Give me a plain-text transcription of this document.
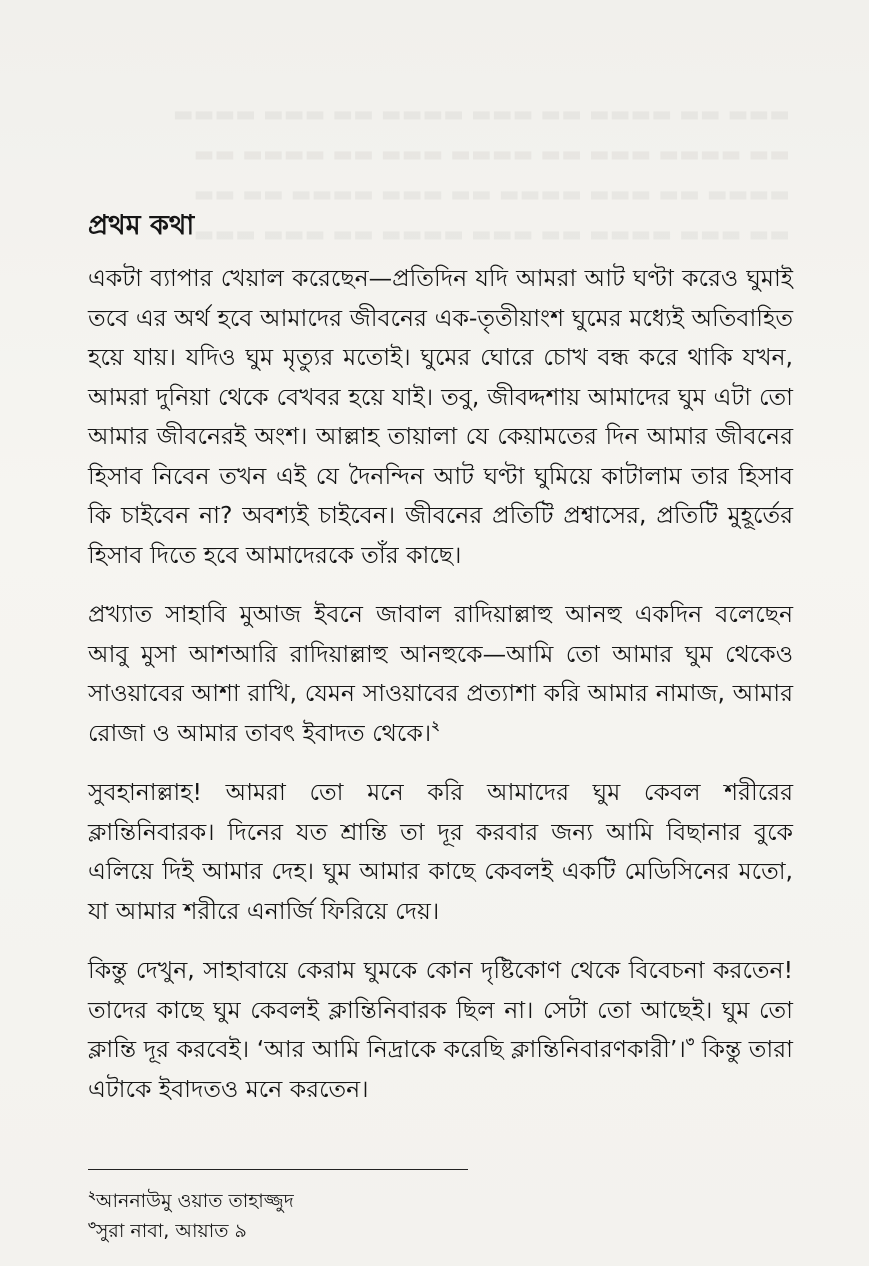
প্রথম কথা

একটা ব্যাপার খেয়াল করেছেন—প্রতিদিন যদি আমরা আট ঘণ্টা করেও ঘুমাই তবে এর অর্থ হবে আমাদের জীবনের এক-তৃতীয়াংশ ঘুমের মধ্যেই অতিবাহিত হয়ে যায়। যদিও ঘুম মৃত্যুর মতোই। ঘুমের ঘোরে চোখ বন্ধ করে থাকি যখন, আমরা দুনিয়া থেকে বেখবর হয়ে যাই। তবু, জীবদ্দশায় আমাদের ঘুম এটা তো আমার জীবনেরই অংশ। আল্লাহ তায়ালা যে কেয়ামতের দিন আমার জীবনের হিসাব নিবেন তখন এই যে দৈনন্দিন আট ঘণ্টা ঘুমিয়ে কাটালাম তার হিসাব কি চাইবেন না? অবশ্যই চাইবেন। জীবনের প্রতিটি প্রশ্বাসের, প্রতিটি মুহূর্তের হিসাব দিতে হবে আমাদেরকে তাঁর কাছে।

প্রখ্যাত সাহাবি মুআজ ইবনে জাবাল রাদিয়াল্লাহু আনহু একদিন বলেছেন আবু মুসা আশআরি রাদিয়াল্লাহু আনহুকে—আমি তো আমার ঘুম থেকেও সাওয়াবের আশা রাখি, যেমন সাওয়াবের প্রত্যাশা করি আমার নামাজ, আমার রোজা ও আমার তাবৎ ইবাদত থেকে।$^২$

সুবহানাল্লাহ! আমরা তো মনে করি আমাদের ঘুম কেবল শরীরের ক্লান্তিনিবারক। দিনের যত শ্রান্তি তা দূর করবার জন্য আমি বিছানার বুকে এলিয়ে দিই আমার দেহ। ঘুম আমার কাছে কেবলই একটি মেডিসিনের মতো, যা আমার শরীরে এনার্জি ফিরিয়ে দেয়।

কিন্তু দেখুন, সাহাবায়ে কেরাম ঘুমকে কোন দৃষ্টিকোণ থেকে বিবেচনা করতেন! তাদের কাছে ঘুম কেবলই ক্লান্তিনিবারক ছিল না। সেটা তো আছেই। ঘুম তো ক্লান্তি দূর করবেই। ‘আর আমি নিদ্রাকে করেছি ক্লান্তিনিবারণকারী’।$^৩$ কিন্তু তারা এটাকে ইবাদতও মনে করতেন।

$^২$আননাউমু ওয়াত তাহাজ্জুদ
$^৩$সুরা নাবা, আয়াত ৯
